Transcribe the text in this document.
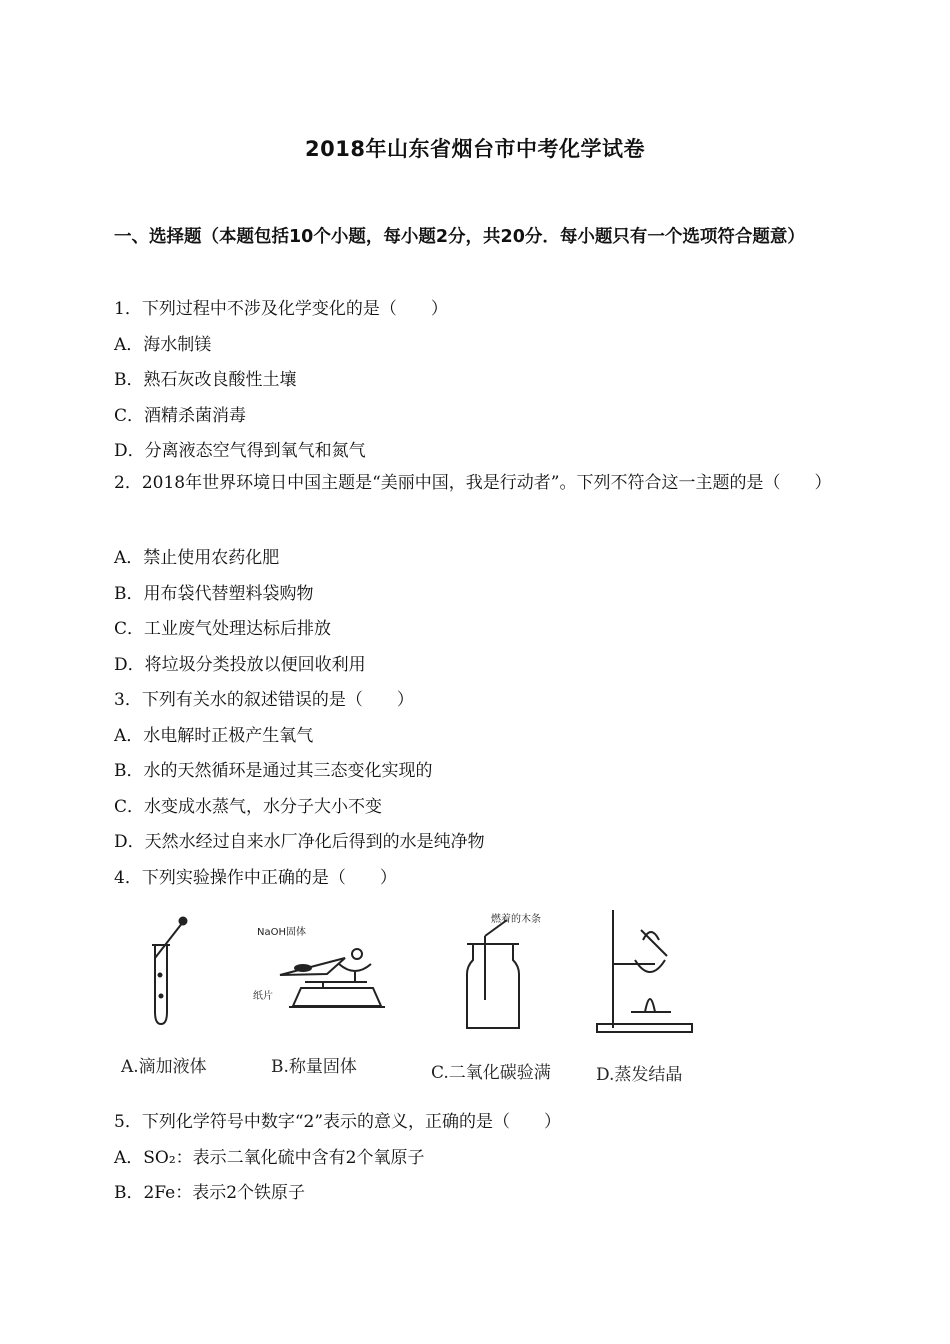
2018年山东省烟台市中考化学试卷
一、选择题（本题包括10个小题，每小题2分，共20分．每小题只有一个选项符合题意）
1．下列过程中不涉及化学变化的是（　　）
A．海水制镁
B．熟石灰改良酸性土壤
C．酒精杀菌消毒
D．分离液态空气得到氧气和氮气
2．2018年世界环境日中国主题是“美丽中国，我是行动者”。下列不符合这一主题的是（　　）
A．禁止使用农药化肥
B．用布袋代替塑料袋购物
C．工业废气处理达标后排放
D．将垃圾分类投放以便回收利用
3．下列有关水的叙述错误的是（　　）
A．水电解时正极产生氧气
B．水的天然循环是通过其三态变化实现的
C．水变成水蒸气，水分子大小不变
D．天然水经过自来水厂净化后得到的水是纯净物
4．下列实验操作中正确的是（　　）
NaOH固体
纸片
燃着的木条
A.滴加液体	B.称量固体	C.二氧化碳验满	D.蒸发结晶
5．下列化学符号中数字“2”表示的意义，正确的是（　　）
A．SO₂：表示二氧化硫中含有2个氧原子
B．2Fe：表示2个铁原子
